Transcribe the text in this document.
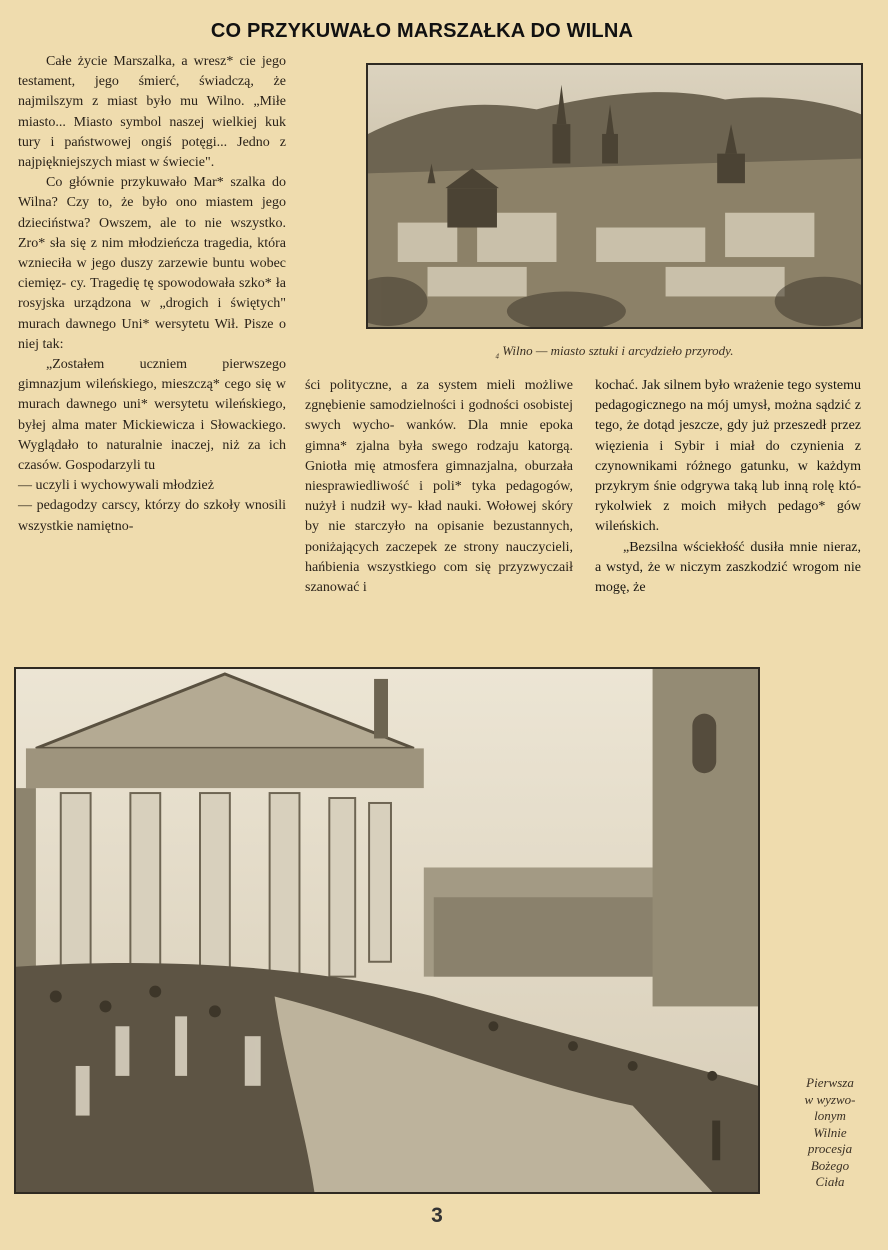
CO PRZYKUWAŁO MARSZAŁKA DO WILNA

Całe życie Marszalka, a wresz* cie jego testament, jego śmierć, świadczą, że najmilszym z miast było mu Wilno. „Miłe miasto... Miasto symbol naszej wielkiej kuk tury i państwowej ongiś potęgi... Jedno z najpiękniejszych miast w świecie".

Co głównie przykuwało Mar* szalka do Wilna? Czy to, że było ono miastem jego dzieciństwa? Owszem, ale to nie wszystko. Zro* sła się z nim młodzieńcza tragedia, która wznieciła w jego duszy zarzewie buntu wobec ciemięz- cy. Tragedię tę spowodowała szko* ła rosyjska urządzona w „drogich i świętych" murach dawnego Uni* wersytetu Wił. Pisze o niej tak:

„Zostałem uczniem pierwszego gimnazjum wileńskiego, mieszczą* cego się w murach dawnego uni* wersytetu wileńskiego, byłej alma mater Mickiewicza i Słowackiego. Wyglądało to naturalnie inaczej, niż za ich czasów. Gospodarzyli tu

— uczyli i wychowywali młodzież

— pedagodzy carscy, którzy do szkoły wnosili wszystkie namiętno-

$_4$ Wilno — miasto sztuki i arcydzieło przyrody.

ści polityczne, a za system mieli możliwe zgnębienie samodzielności i godności osobistej swych wycho- wanków. Dla mnie epoka gimna* zjalna była swego rodzaju katorgą. Gniotła mię atmosfera gimnazjalna, oburzała niesprawiedliwość i poli* tyka pedagogów, nużył i nudził wy- kład nauki. Wołowej skóry by nie starczyło na opisanie bezustannych, poniżających zaczepek ze strony nauczycieli, hańbienia wszystkiego com się przyzwyczaił szanować i

kochać. Jak silnem było wrażenie tego systemu pedagogicznego na mój umysł, można sądzić z tego, że dotąd jeszcze, gdy już przeszedł przez więzienia i Sybir i miał do czynienia z czynownikami różnego gatunku, w każdym przykrym śnie odgrywa taką lub inną rolę któ- rykolwiek z moich miłych pedago* gów wileńskich.

„Bezsilna wściekłość dusiła mnie nieraz, a wstyd, że w niczym zaszkodzić wrogom nie mogę, że

Pierwsza
w wyzwo-
lonym
Wilnie
procesja
Bożego
Ciała
3
